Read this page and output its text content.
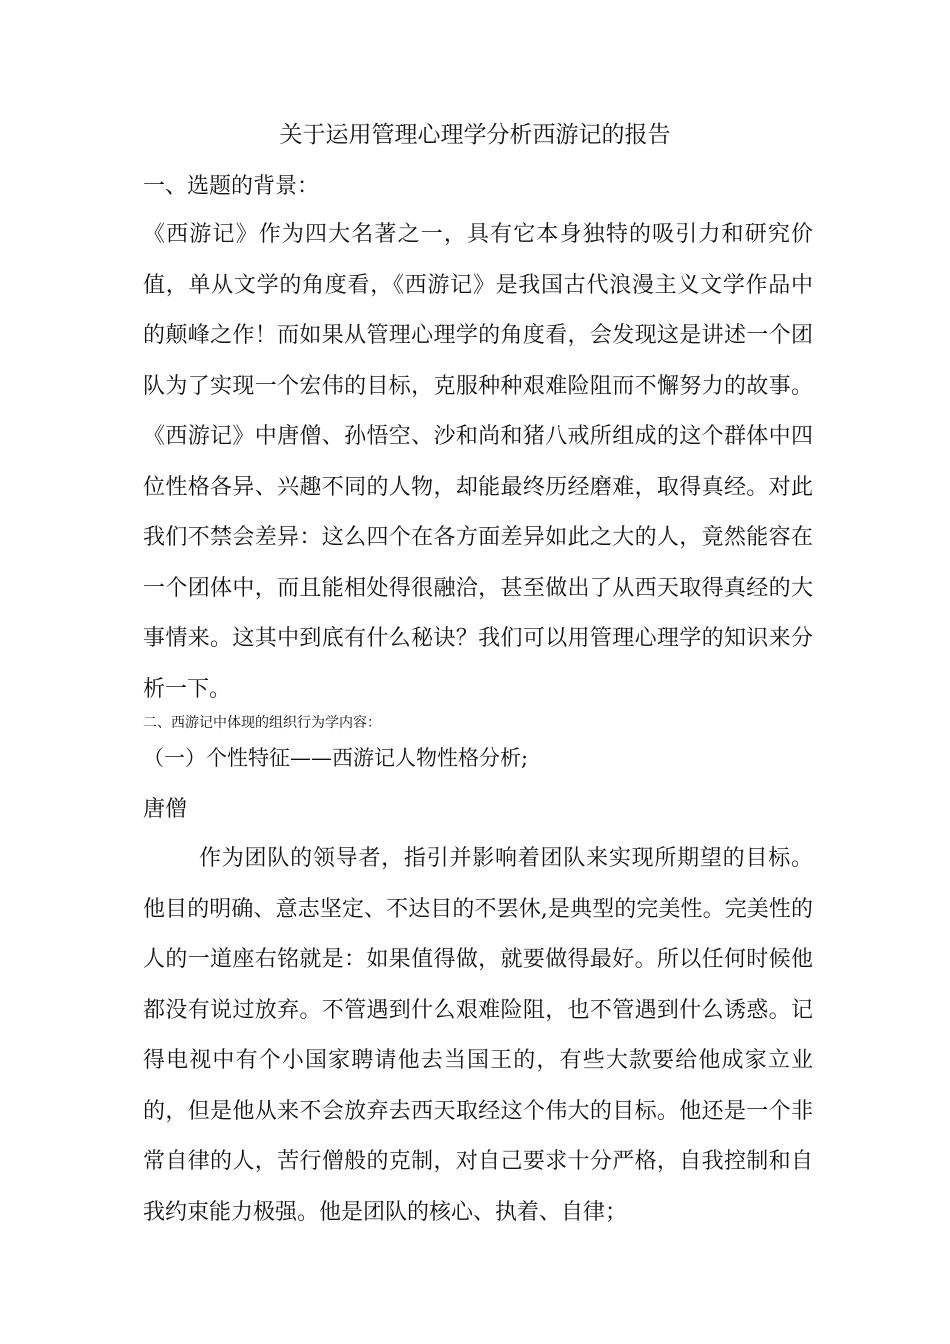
关于运用管理心理学分析西游记的报告
一、选题的背景：

《西游记》作为四大名著之一，具有它本身独特的吸引力和研究价值，单从文学的角度看，《西游记》是我国古代浪漫主义文学作品中的颠峰之作！而如果从管理心理学的角度看，会发现这是讲述一个团队为了实现一个宏伟的目标，克服种种艰难险阻而不懈努力的故事。《西游记》中唐僧、孙悟空、沙和尚和猪八戒所组成的这个群体中四位性格各异、兴趣不同的人物，却能最终历经磨难，取得真经。对此我们不禁会差异：这么四个在各方面差异如此之大的人，竟然能容在一个团体中，而且能相处得很融洽，甚至做出了从西天取得真经的大事情来。这其中到底有什么秘诀？我们可以用管理心理学的知识来分析一下。

二、西游记中体现的组织行为学内容：

（一）个性特征——西游记人物性格分析;

唐僧

作为团队的领导者，指引并影响着团队来实现所期望的目标。他目的明确、意志坚定、不达目的不罢休,是典型的完美性。完美性的人的一道座右铭就是：如果值得做，就要做得最好。所以任何时候他都没有说过放弃。不管遇到什么艰难险阻，也不管遇到什么诱惑。记得电视中有个小国家聘请他去当国王的，有些大款要给他成家立业的，但是他从来不会放弃去西天取经这个伟大的目标。他还是一个非常自律的人，苦行僧般的克制，对自己要求十分严格，自我控制和自我约束能力极强。他是团队的核心、执着、自律；
